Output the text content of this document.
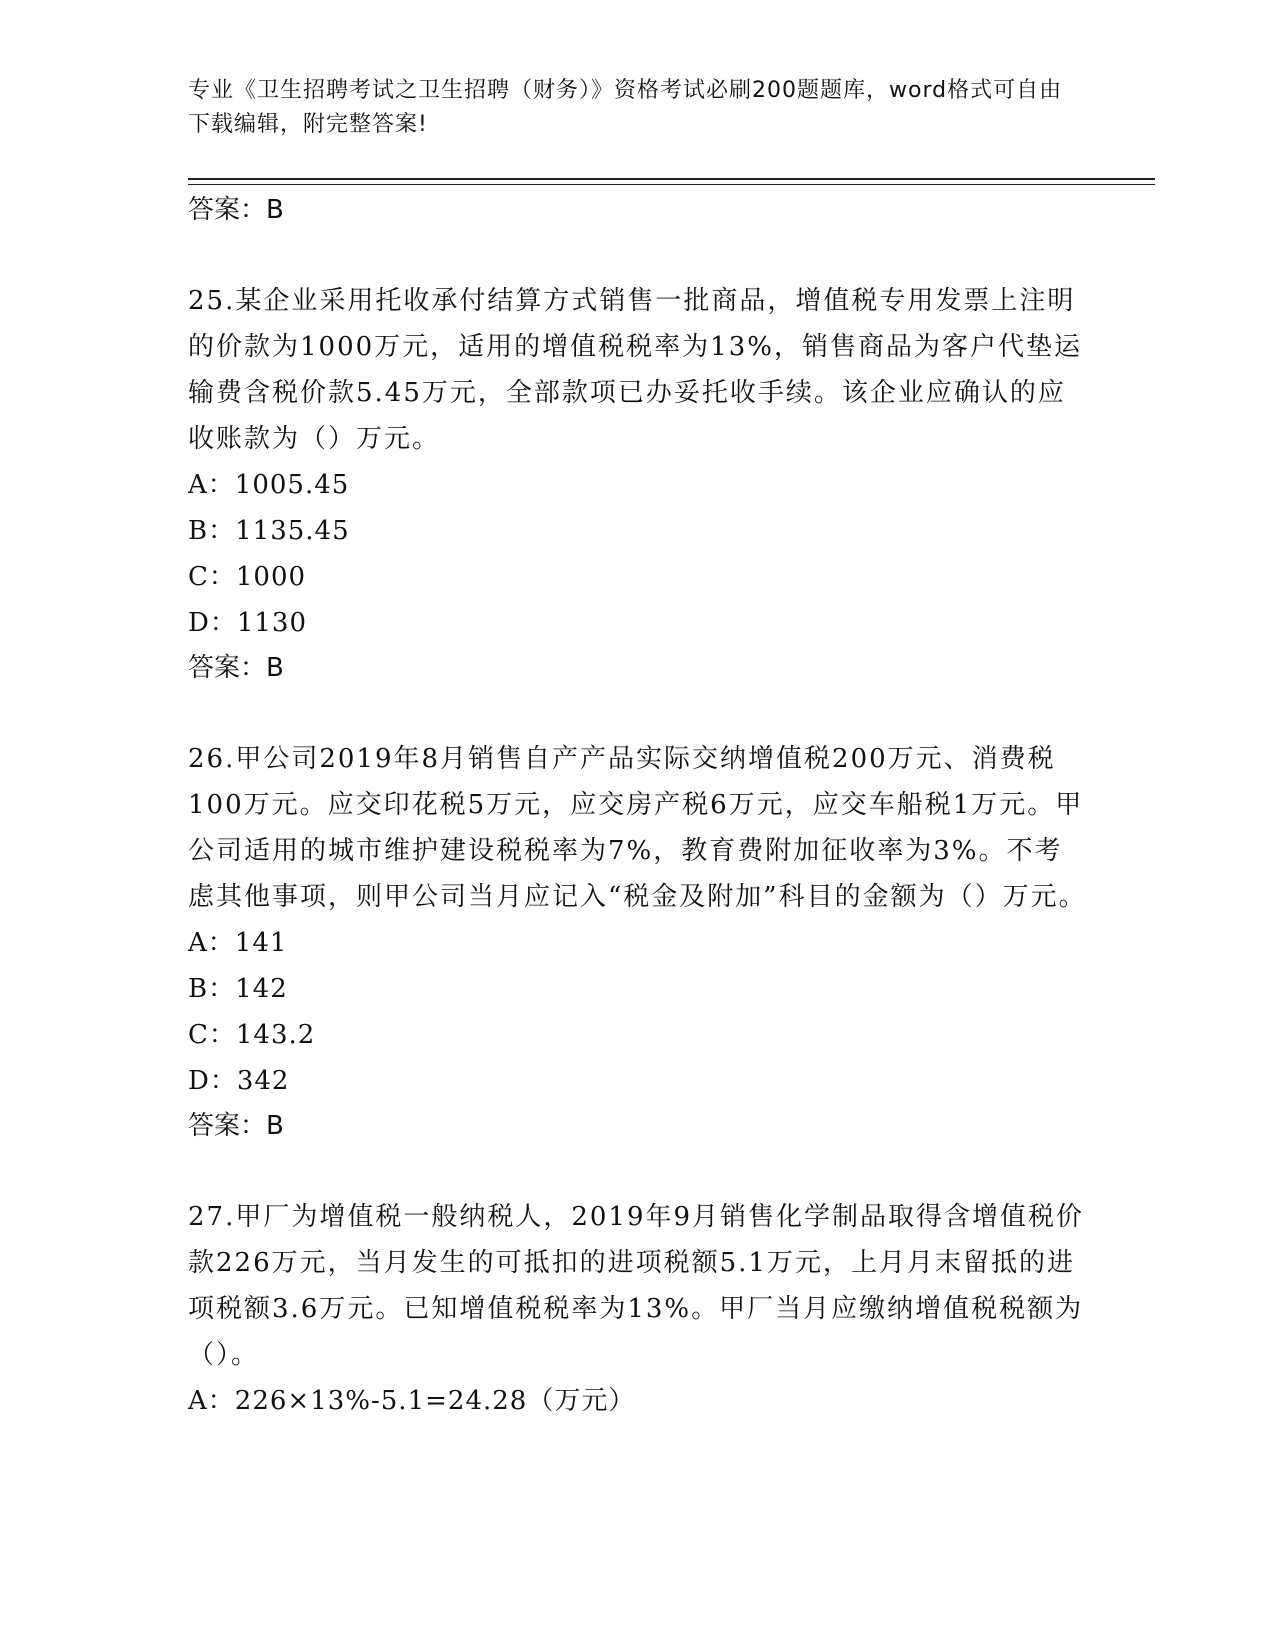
专业《卫生招聘考试之卫生招聘（财务）》资格考试必刷200题题库，word格式可自由下载编辑，附完整答案!

答案：B

25.某企业采用托收承付结算方式销售一批商品，增值税专用发票上注明的价款为1000万元，适用的增值税税率为13%，销售商品为客户代垫运输费含税价款5.45万元，全部款项已办妥托收手续。该企业应确认的应收账款为（）万元。

A：1005.45

B：1135.45

C：1000

D：1130

答案：B

26.甲公司2019年8月销售自产产品实际交纳增值税200万元、消费税100万元。应交印花税5万元，应交房产税6万元，应交车船税1万元。甲公司适用的城市维护建设税税率为7%，教育费附加征收率为3%。不考虑其他事项，则甲公司当月应记入“税金及附加”科目的金额为（）万元。

A：141

B：142

C：143.2

D：342

答案：B

27.甲厂为增值税一般纳税人，2019年9月销售化学制品取得含增值税价款226万元，当月发生的可抵扣的进项税额5.1万元，上月月末留抵的进项税额3.6万元。已知增值税税率为13%。甲厂当月应缴纳增值税税额为（）。

A：226×13%-5.1=24.28（万元）
